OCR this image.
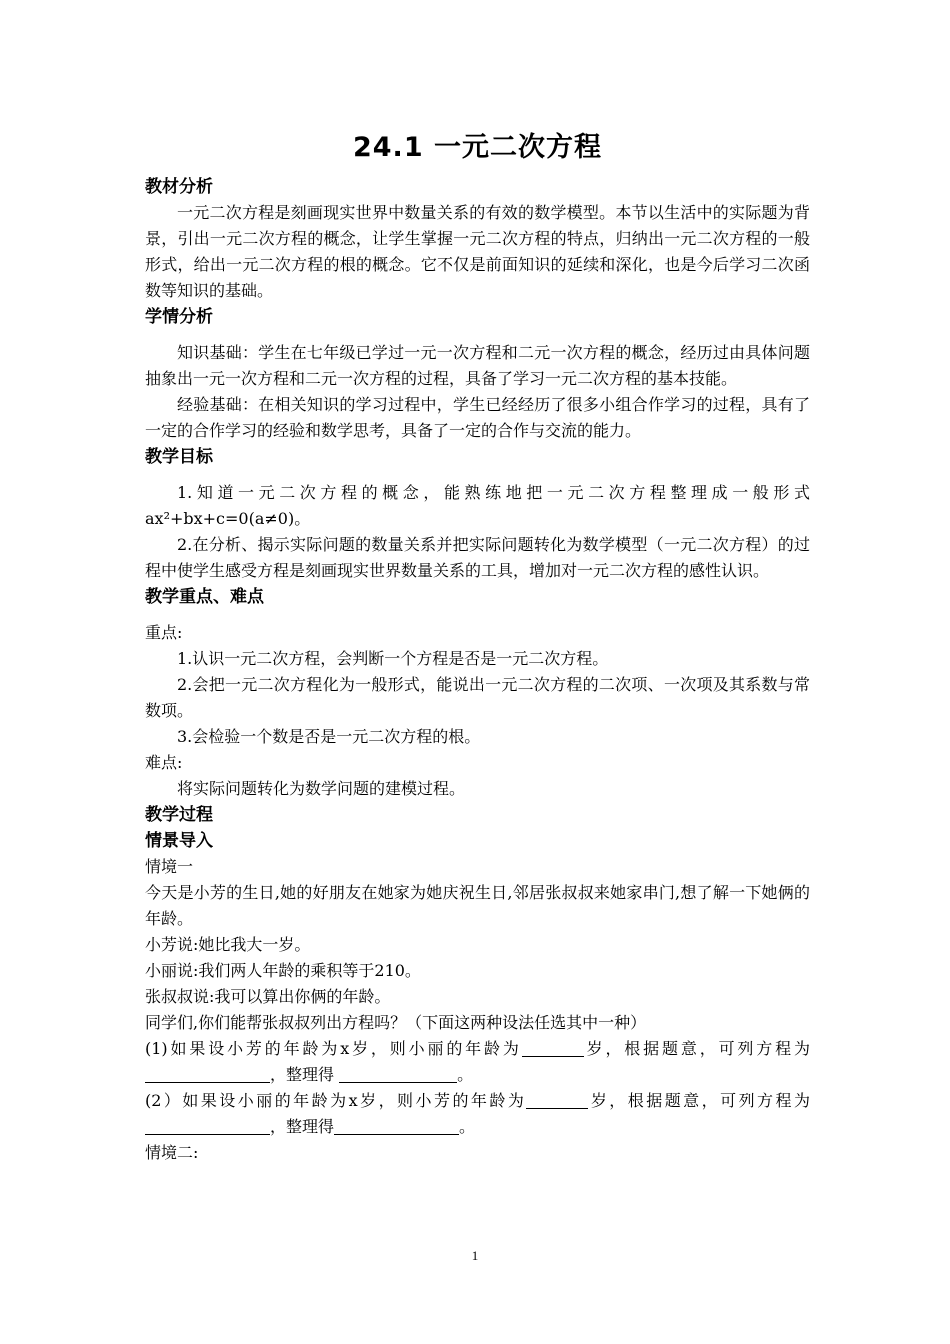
24.1 一元二次方程

教材分析

一元二次方程是刻画现实世界中数量关系的有效的数学模型。本节以生活中的实际题为背景，引出一元二次方程的概念，让学生掌握一元二次方程的特点，归纳出一元二次方程的一般形式，给出一元二次方程的根的概念。它不仅是前面知识的延续和深化，也是今后学习二次函数等知识的基础。

学情分析

知识基础：学生在七年级已学过一元一次方程和二元一次方程的概念，经历过由具体问题抽象出一元一次方程和二元一次方程的过程，具备了学习一元二次方程的基本技能。

经验基础：在相关知识的学习过程中，学生已经经历了很多小组合作学习的过程，具有了一定的合作学习的经验和数学思考，具备了一定的合作与交流的能力。

教学目标

1.知道一元二次方程的概念，能熟练地把一元二次方程整理成一般形式ax²+bx+c=0(a≠0)。

2.在分析、揭示实际问题的数量关系并把实际问题转化为数学模型（一元二次方程）的过程中使学生感受方程是刻画现实世界数量关系的工具，增加对一元二次方程的感性认识。

教学重点、难点

重点:

1.认识一元二次方程，会判断一个方程是否是一元二次方程。

2.会把一元二次方程化为一般形式，能说出一元二次方程的二次项、一次项及其系数与常数项。

3.会检验一个数是否是一元二次方程的根。

难点:

将实际问题转化为数学问题的建模过程。

教学过程

情景导入

情境一

今天是小芳的生日,她的好朋友在她家为她庆祝生日,邻居张叔叔来她家串门,想了解一下她俩的年龄。

小芳说:她比我大一岁。

小丽说:我们两人年龄的乘积等于210。

张叔叔说:我可以算出你俩的年龄。

同学们,你们能帮张叔叔列出方程吗？（下面这两种设法任选其中一种）

(1)如果设小芳的年龄为x岁，则小丽的年龄为	岁，根据题意，可列方程为 ，整理得	。

(2）如果设小丽的年龄为x岁，则小芳的年龄为	岁，根据题意，可列方程为，整理得	。

情境二:

1
